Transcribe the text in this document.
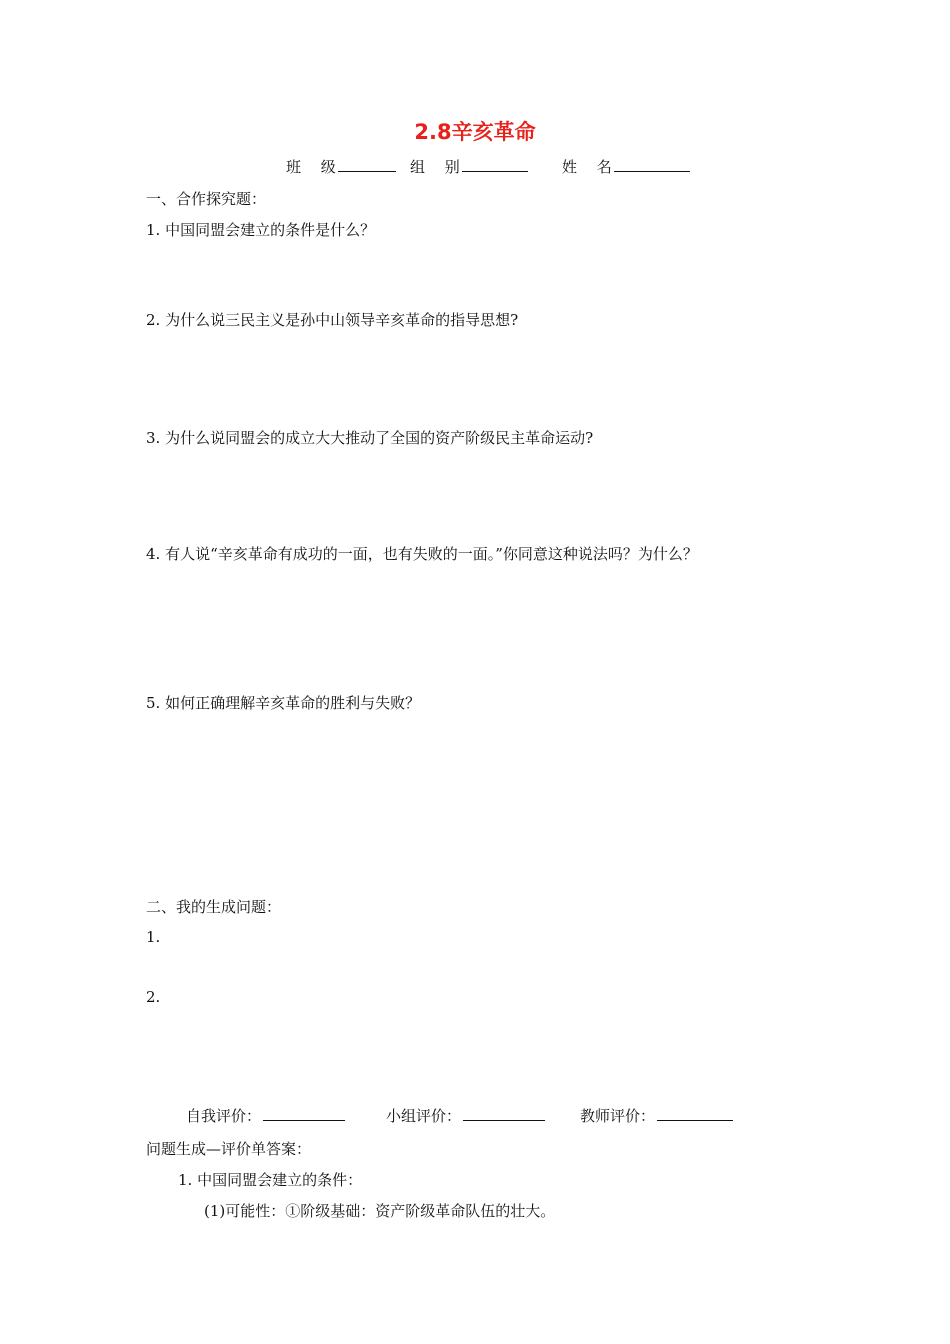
2.8辛亥革命
班　 级	组　 别	姓　 名
一、合作探究题：
1. 中国同盟会建立的条件是什么？
2. 为什么说三民主义是孙中山领导辛亥革命的指导思想?
3. 为什么说同盟会的成立大大推动了全国的资产阶级民主革命运动?
4. 有人说“辛亥革命有成功的一面，也有失败的一面。”你同意这种说法吗？为什么？
5. 如何正确理解辛亥革命的胜利与失败？
二、我的生成问题：
1.
2.
自我评价：	小组评价：	教师评价：
问题生成—评价单答案：
1. 中国同盟会建立的条件：
(1)可能性：①阶级基础：资产阶级革命队伍的壮大。
